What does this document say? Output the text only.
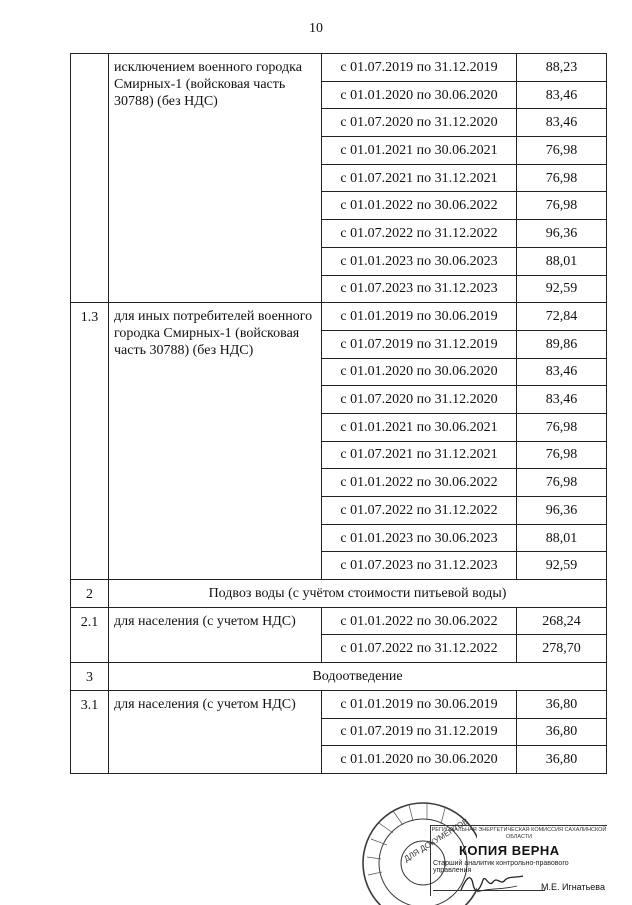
10
	исключением военного городка Смирных-1 (войсковая часть 30788) (без НДС)	с 01.07.2019 по 31.12.2019	88,23
		с 01.01.2020 по 30.06.2020	83,46
		с 01.07.2020 по 31.12.2020	83,46
		с 01.01.2021 по 30.06.2021	76,98
		с 01.07.2021 по 31.12.2021	76,98
		с 01.01.2022 по 30.06.2022	76,98
		с 01.07.2022 по 31.12.2022	96,36
		с 01.01.2023 по 30.06.2023	88,01
		с 01.07.2023 по 31.12.2023	92,59
1.3	для иных потребителей военного городка Смирных-1 (войсковая часть 30788) (без НДС)	с 01.01.2019 по 30.06.2019	72,84
		с 01.07.2019 по 31.12.2019	89,86
		с 01.01.2020 по 30.06.2020	83,46
		с 01.07.2020 по 31.12.2020	83,46
		с 01.01.2021 по 30.06.2021	76,98
		с 01.07.2021 по 31.12.2021	76,98
		с 01.01.2022 по 30.06.2022	76,98
		с 01.07.2022 по 31.12.2022	96,36
		с 01.01.2023 по 30.06.2023	88,01
		с 01.07.2023 по 31.12.2023	92,59
2	Подвоз воды (с учётом стоимости питьевой воды)		
2.1	для населения (с учетом НДС)	с 01.01.2022 по 30.06.2022	268,24
		с 01.07.2022 по 31.12.2022	278,70
3	Водоотведение		
3.1	для населения (с учетом НДС)	с 01.01.2019 по 30.06.2019	36,80
		с 01.07.2019 по 31.12.2019	36,80
		с 01.01.2020 по 30.06.2020	36,80
ДЛЯ ДОКУМЕНТОВ
РЕГИОНАЛЬНАЯ ЭНЕРГЕТИЧЕСКАЯ КОМИССИЯ САХАЛИНСКОЙ ОБЛАСТИ
КОПИЯ ВЕРНА
Старший аналитик контрольно-правового управления
М.Е. Игнатьева
